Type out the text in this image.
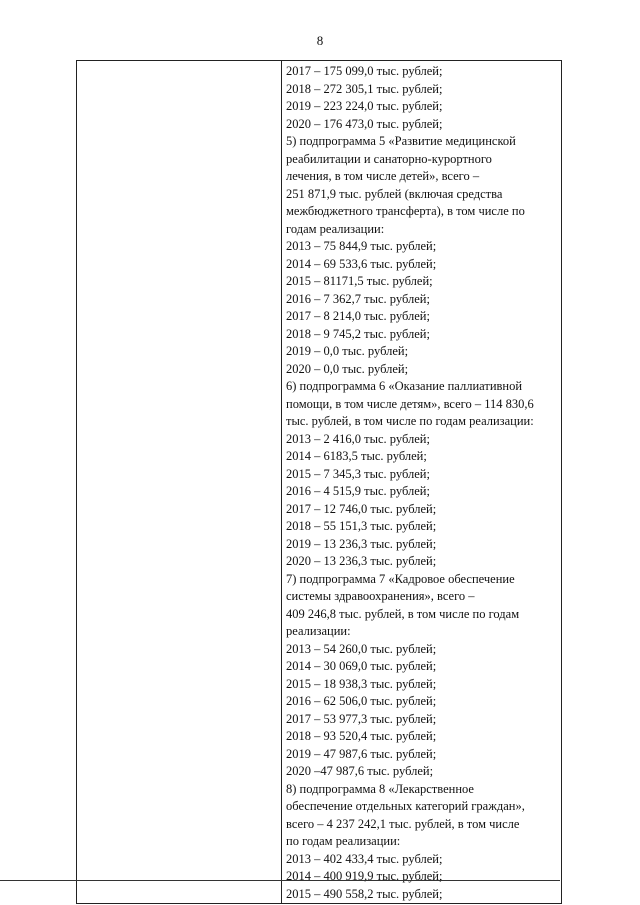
8

2017 – 175 099,0 тыс. рублей;
2018 – 272 305,1 тыс. рублей;
2019 – 223 224,0 тыс. рублей;
2020 – 176 473,0 тыс. рублей;
5) подпрограмма 5 «Развитие медицинской
реабилитации и санаторно-курортного
лечения, в том числе детей», всего –
251 871,9 тыс. рублей (включая средства
межбюджетного трансферта), в том числе по
годам реализации:
2013 – 75 844,9 тыс. рублей;
2014 – 69 533,6 тыс. рублей;
2015 – 81171,5 тыс. рублей;
2016 – 7 362,7 тыс. рублей;
2017 – 8 214,0 тыс. рублей;
2018 – 9 745,2 тыс. рублей;
2019 – 0,0 тыс. рублей;
2020 – 0,0 тыс. рублей;
6) подпрограмма 6 «Оказание паллиативной
помощи, в том числе детям», всего – 114 830,6
тыс. рублей, в том числе по годам реализации:
2013 – 2 416,0 тыс. рублей;
2014 – 6183,5 тыс. рублей;
2015 – 7 345,3 тыс. рублей;
2016 – 4 515,9 тыс. рублей;
2017 – 12 746,0 тыс. рублей;
2018 – 55 151,3 тыс. рублей;
2019 – 13 236,3 тыс. рублей;
2020 – 13 236,3 тыс. рублей;
7) подпрограмма 7 «Кадровое обеспечение
системы здравоохранения», всего –
409 246,8 тыс. рублей, в том числе по годам
реализации:
2013 – 54 260,0 тыс. рублей;
2014 – 30 069,0 тыс. рублей;
2015 – 18 938,3 тыс. рублей;
2016 – 62 506,0 тыс. рублей;
2017 – 53 977,3 тыс. рублей;
2018 – 93 520,4 тыс. рублей;
2019 – 47 987,6 тыс. рублей;
2020 –47 987,6 тыс. рублей;
8) подпрограмма 8 «Лекарственное
обеспечение отдельных категорий граждан»,
всего – 4 237 242,1 тыс. рублей, в том числе
по годам реализации:
2013 – 402 433,4 тыс. рублей;
2014 – 400 919,9 тыс. рублей;
2015 – 490 558,2 тыс. рублей;
